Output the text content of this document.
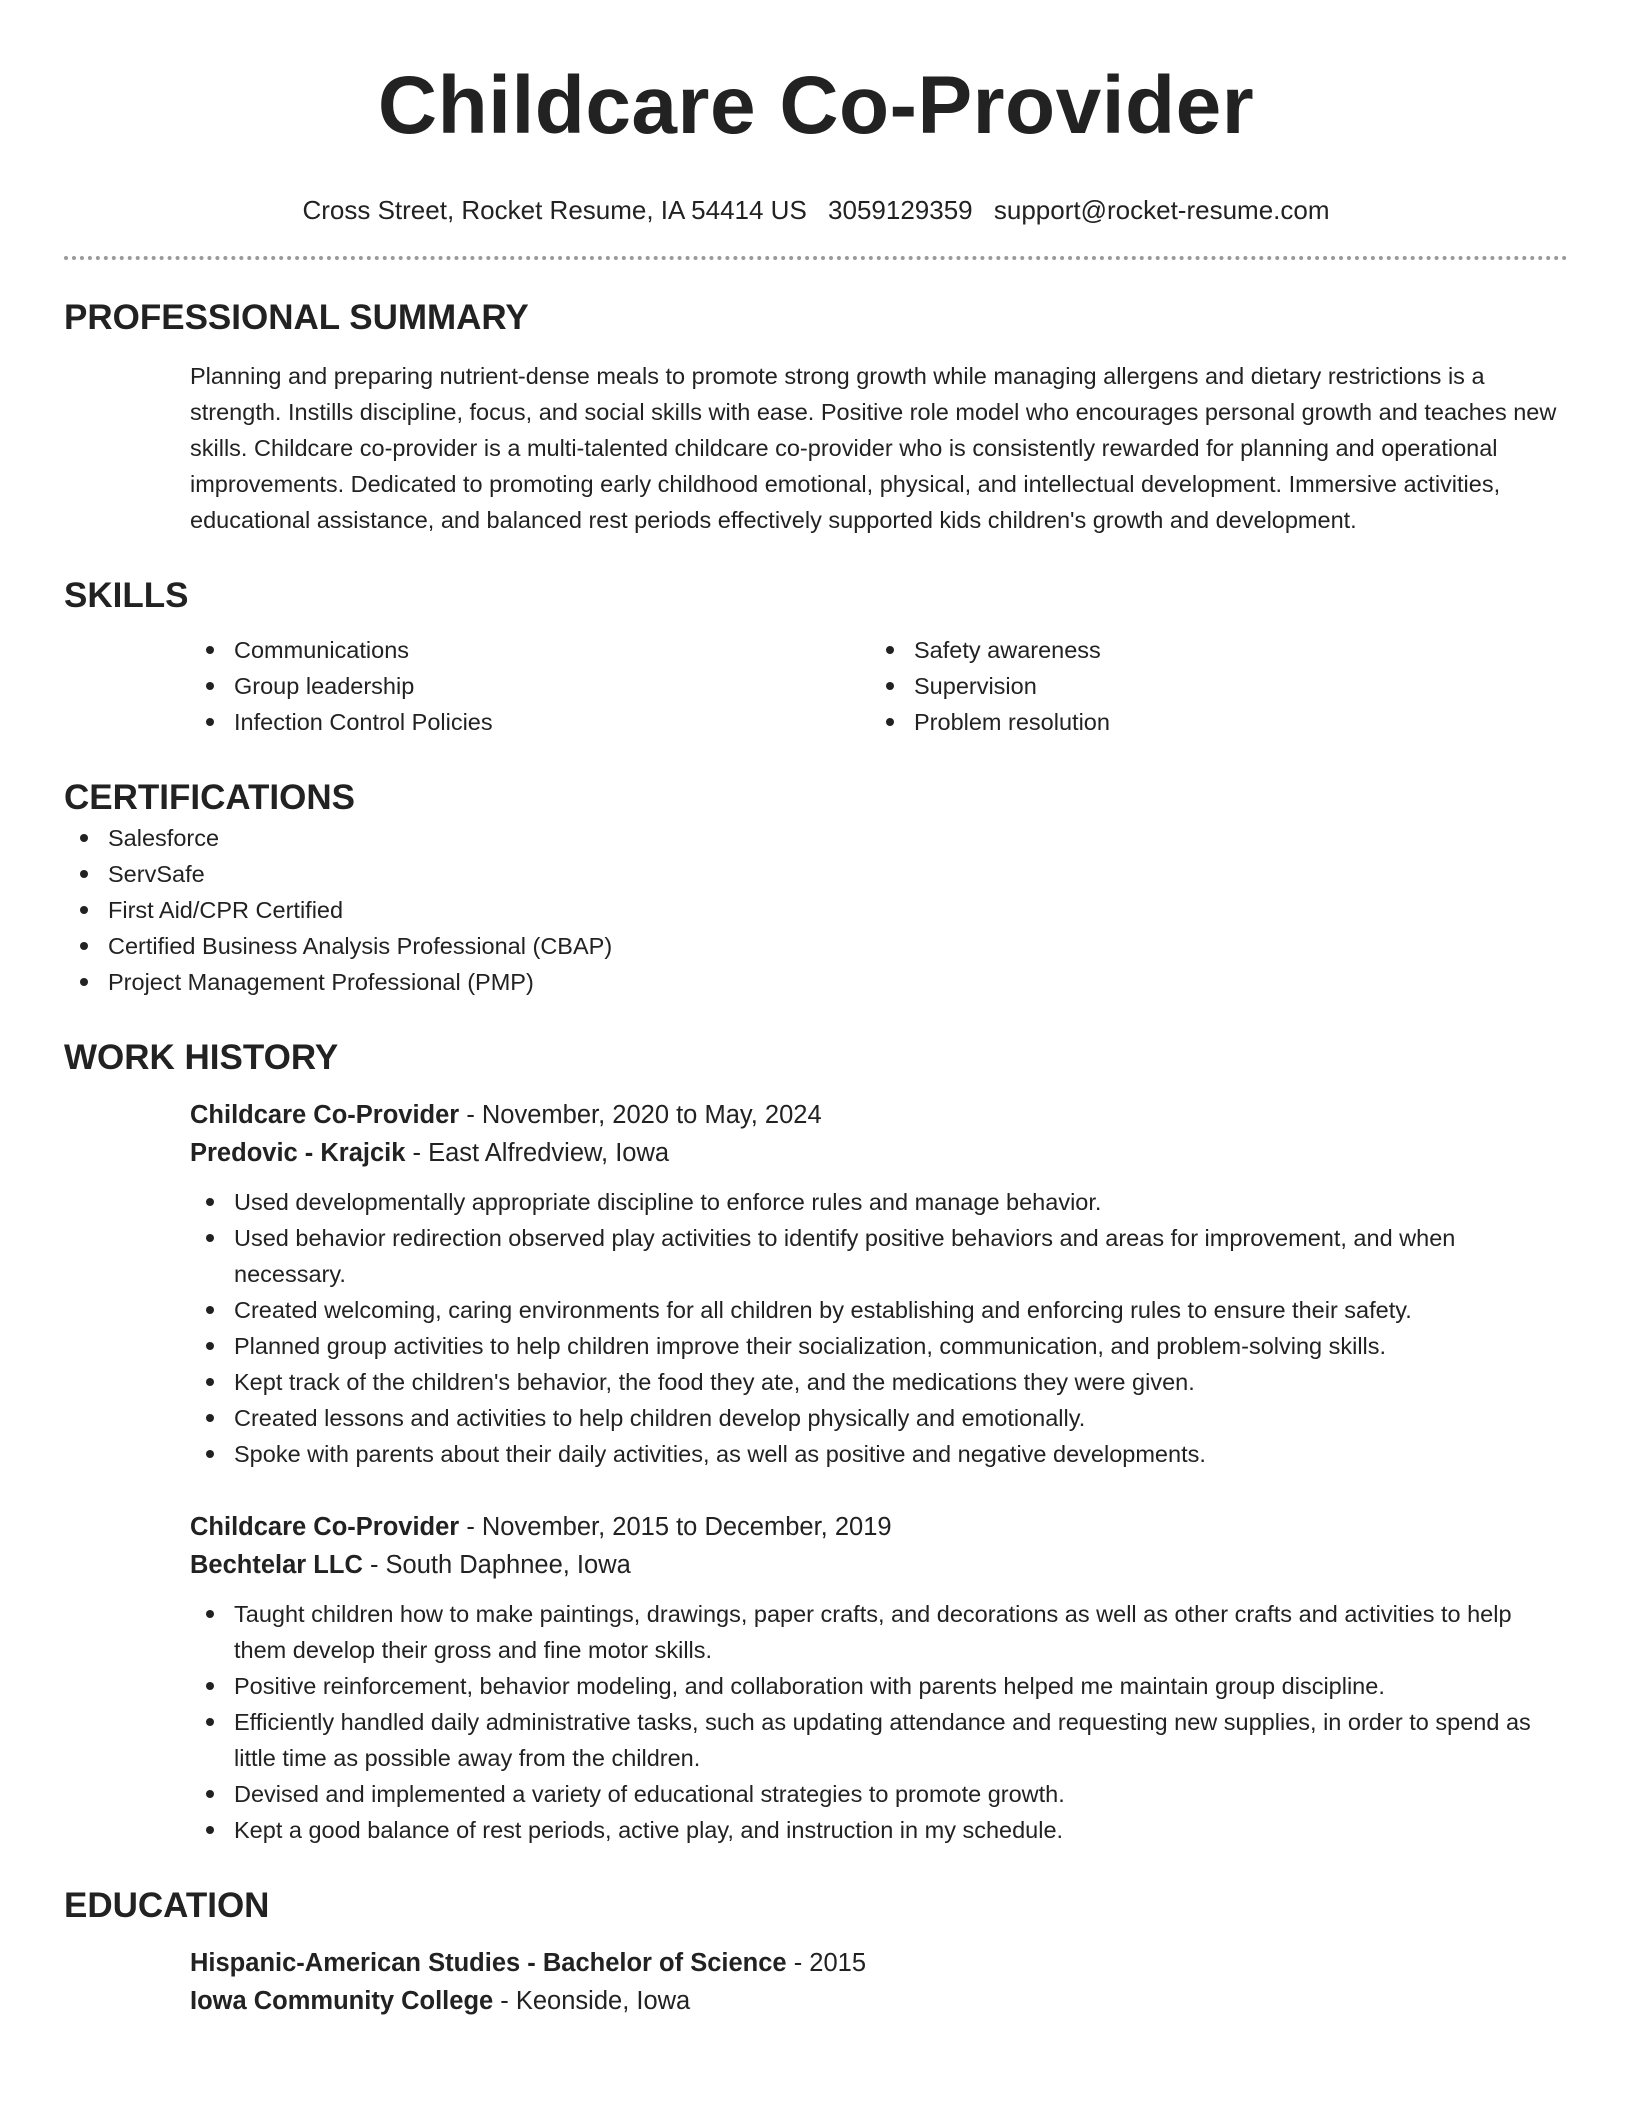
Childcare Co-Provider
Cross Street, Rocket Resume, IA 54414 US 3059129359 support@rocket-resume.com
PROFESSIONAL SUMMARY

Planning and preparing nutrient-dense meals to promote strong growth while managing allergens and dietary restrictions is a strength. Instills discipline, focus, and social skills with ease. Positive role model who encourages personal growth and teaches new skills. Childcare co-provider is a multi-talented childcare co-provider who is consistently rewarded for planning and operational improvements. Dedicated to promoting early childhood emotional, physical, and intellectual development. Immersive activities, educational assistance, and balanced rest periods effectively supported kids children's growth and development.

SKILLS
Communications
Group leadership
Infection Control Policies
Safety awareness
Supervision
Problem resolution
CERTIFICATIONS
Salesforce
ServSafe
First Aid/CPR Certified
Certified Business Analysis Professional (CBAP)
Project Management Professional (PMP)
WORK HISTORY
Childcare Co-Provider - November, 2020 to May, 2024
Predovic - Krajcik - East Alfredview, Iowa
Used developmentally appropriate discipline to enforce rules and manage behavior.
Used behavior redirection observed play activities to identify positive behaviors and areas for improvement, and when necessary.
Created welcoming, caring environments for all children by establishing and enforcing rules to ensure their safety.
Planned group activities to help children improve their socialization, communication, and problem-solving skills.
Kept track of the children's behavior, the food they ate, and the medications they were given.
Created lessons and activities to help children develop physically and emotionally.
Spoke with parents about their daily activities, as well as positive and negative developments.
Childcare Co-Provider - November, 2015 to December, 2019
Bechtelar LLC - South Daphnee, Iowa
Taught children how to make paintings, drawings, paper crafts, and decorations as well as other crafts and activities to help them develop their gross and fine motor skills.
Positive reinforcement, behavior modeling, and collaboration with parents helped me maintain group discipline.
Efficiently handled daily administrative tasks, such as updating attendance and requesting new supplies, in order to spend as little time as possible away from the children.
Devised and implemented a variety of educational strategies to promote growth.
Kept a good balance of rest periods, active play, and instruction in my schedule.
EDUCATION
Hispanic-American Studies - Bachelor of Science - 2015
Iowa Community College - Keonside, Iowa
